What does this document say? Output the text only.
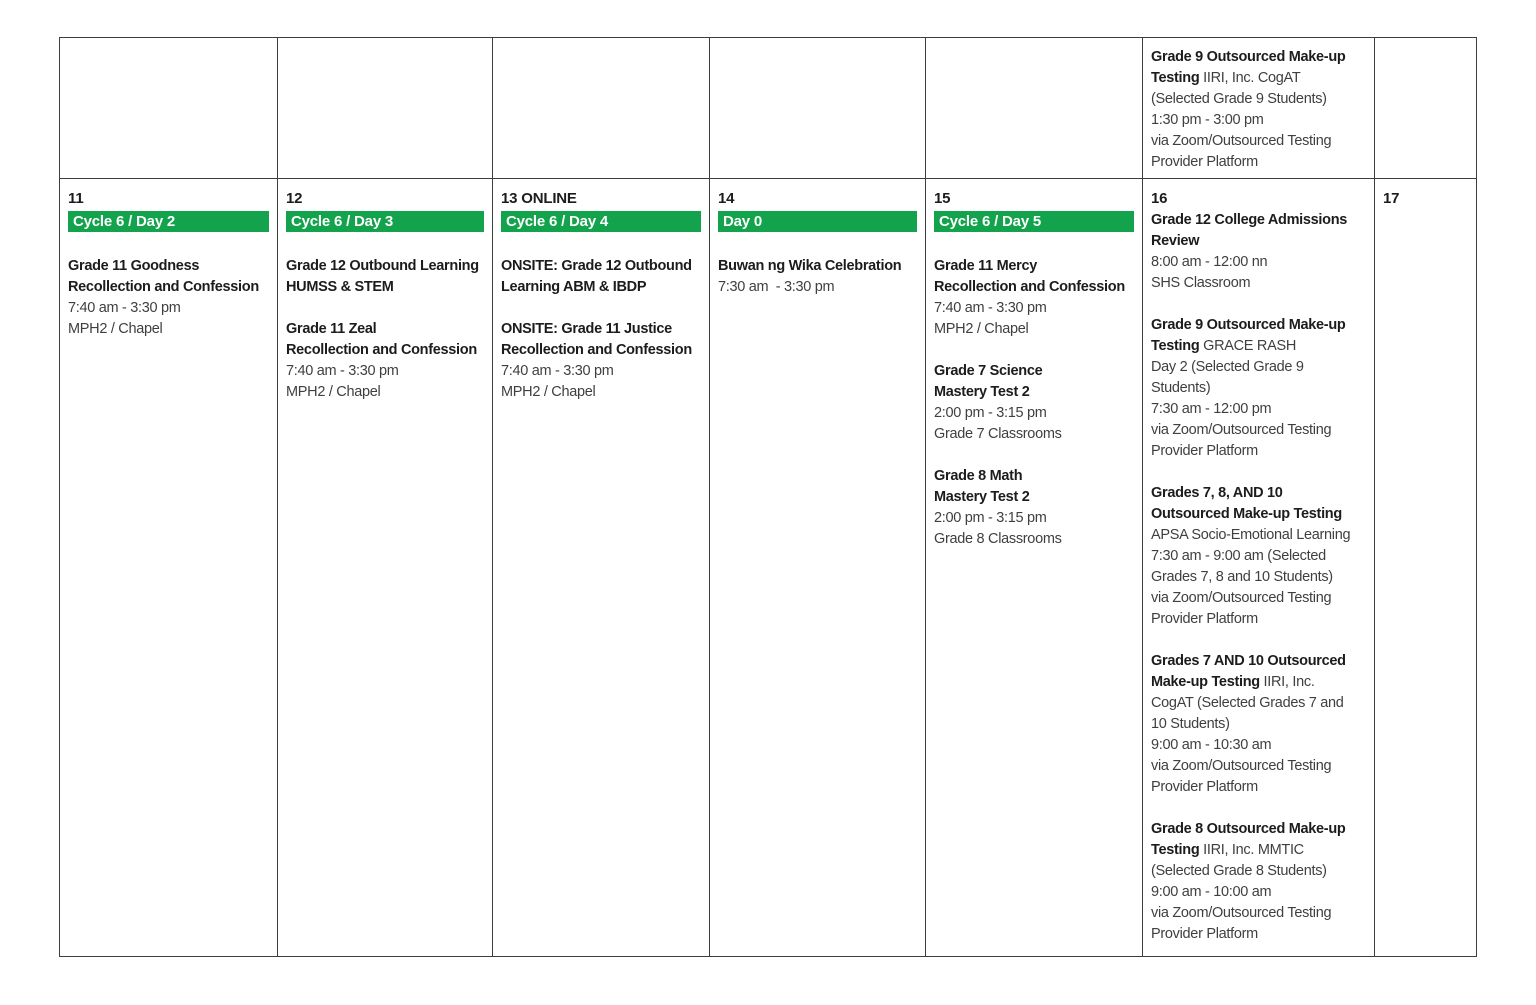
Grade 9 Outsourced Make-up
Testing IIRI, Inc. CogAT
(Selected Grade 9 Students)
1:30 pm - 3:00 pm
via Zoom/Outsourced Testing
Provider Platform
11
Cycle 6 / Day 2
Grade 11 Goodness
Recollection and Confession
7:40 am - 3:30 pm
MPH2 / Chapel
12
Cycle 6 / Day 3
Grade 12 Outbound Learning
HUMSS & STEM
Grade 11 Zeal
Recollection and Confession
7:40 am - 3:30 pm
MPH2 / Chapel
13 ONLINE
Cycle 6 / Day 4
ONSITE: Grade 12 Outbound
Learning ABM & IBDP
ONSITE: Grade 11 Justice
Recollection and Confession
7:40 am - 3:30 pm
MPH2 / Chapel
14
Day 0
Buwan ng Wika Celebration
7:30 am  - 3:30 pm
15
Cycle 6 / Day 5
Grade 11 Mercy
Recollection and Confession
7:40 am - 3:30 pm
MPH2 / Chapel
Grade 7 Science
Mastery Test 2
2:00 pm - 3:15 pm
Grade 7 Classrooms
Grade 8 Math
Mastery Test 2
2:00 pm - 3:15 pm
Grade 8 Classrooms
16
Grade 12 College Admissions
Review
8:00 am - 12:00 nn
SHS Classroom
Grade 9 Outsourced Make-up
Testing GRACE RASH
Day 2 (Selected Grade 9
Students)
7:30 am - 12:00 pm
via Zoom/Outsourced Testing
Provider Platform
Grades 7, 8, AND 10
Outsourced Make-up Testing
APSA Socio-Emotional Learning
7:30 am - 9:00 am (Selected
Grades 7, 8 and 10 Students)
via Zoom/Outsourced Testing
Provider Platform
Grades 7 AND 10 Outsourced
Make-up Testing IIRI, Inc.
CogAT (Selected Grades 7 and
10 Students)
9:00 am - 10:30 am
via Zoom/Outsourced Testing
Provider Platform
Grade 8 Outsourced Make-up
Testing IIRI, Inc. MMTIC
(Selected Grade 8 Students)
9:00 am - 10:00 am
via Zoom/Outsourced Testing
Provider Platform
17
